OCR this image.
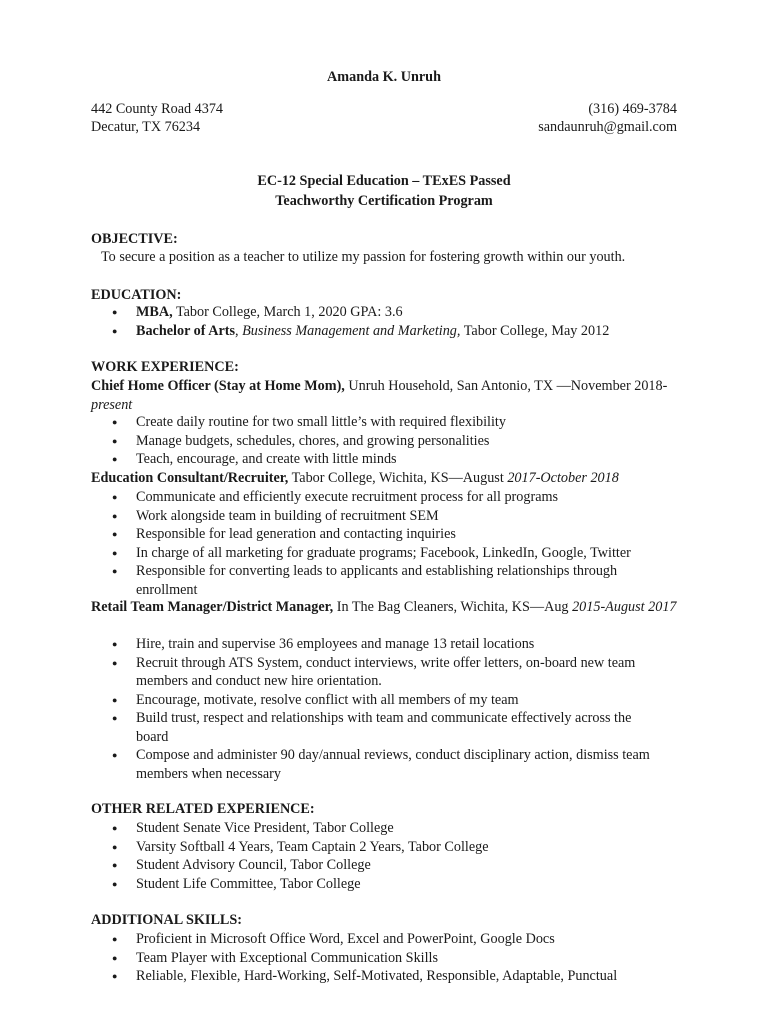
Amanda K. Unruh
442 County Road 4374	(316) 469-3784
Decatur, TX 76234	sandaunruh@gmail.com
EC-12 Special Education – TExES Passed
Teachworthy Certification Program
OBJECTIVE:
To secure a position as a teacher to utilize my passion for fostering growth within our youth.
EDUCATION:
● MBA, Tabor College, March 1, 2020 GPA: 3.6
● Bachelor of Arts, Business Management and Marketing, Tabor College, May 2012
WORK EXPERIENCE:
Chief Home Officer (Stay at Home Mom), Unruh Household, San Antonio, TX —November 2018-present
● Create daily routine for two small little’s with required flexibility
● Manage budgets, schedules, chores, and growing personalities
● Teach, encourage, and create with little minds
Education Consultant/Recruiter, Tabor College, Wichita, KS—August 2017-October 2018
● Communicate and efficiently execute recruitment process for all programs
● Work alongside team in building of recruitment SEM
● Responsible for lead generation and contacting inquiries
● In charge of all marketing for graduate programs; Facebook, LinkedIn, Google, Twitter
● Responsible for converting leads to applicants and establishing relationships through enrollment
Retail Team Manager/District Manager, In The Bag Cleaners, Wichita, KS—Aug 2015-August 2017
● Hire, train and supervise 36 employees and manage 13 retail locations
● Recruit through ATS System, conduct interviews, write offer letters, on-board new team members and conduct new hire orientation.
● Encourage, motivate, resolve conflict with all members of my team
● Build trust, respect and relationships with team and communicate effectively across the board
● Compose and administer 90 day/annual reviews, conduct disciplinary action, dismiss team members when necessary
OTHER RELATED EXPERIENCE:
● Student Senate Vice President, Tabor College
● Varsity Softball 4 Years, Team Captain 2 Years, Tabor College
● Student Advisory Council, Tabor College
● Student Life Committee, Tabor College
ADDITIONAL SKILLS:
● Proficient in Microsoft Office Word, Excel and PowerPoint, Google Docs
● Team Player with Exceptional Communication Skills
● Reliable, Flexible, Hard-Working, Self-Motivated, Responsible, Adaptable, Punctual
